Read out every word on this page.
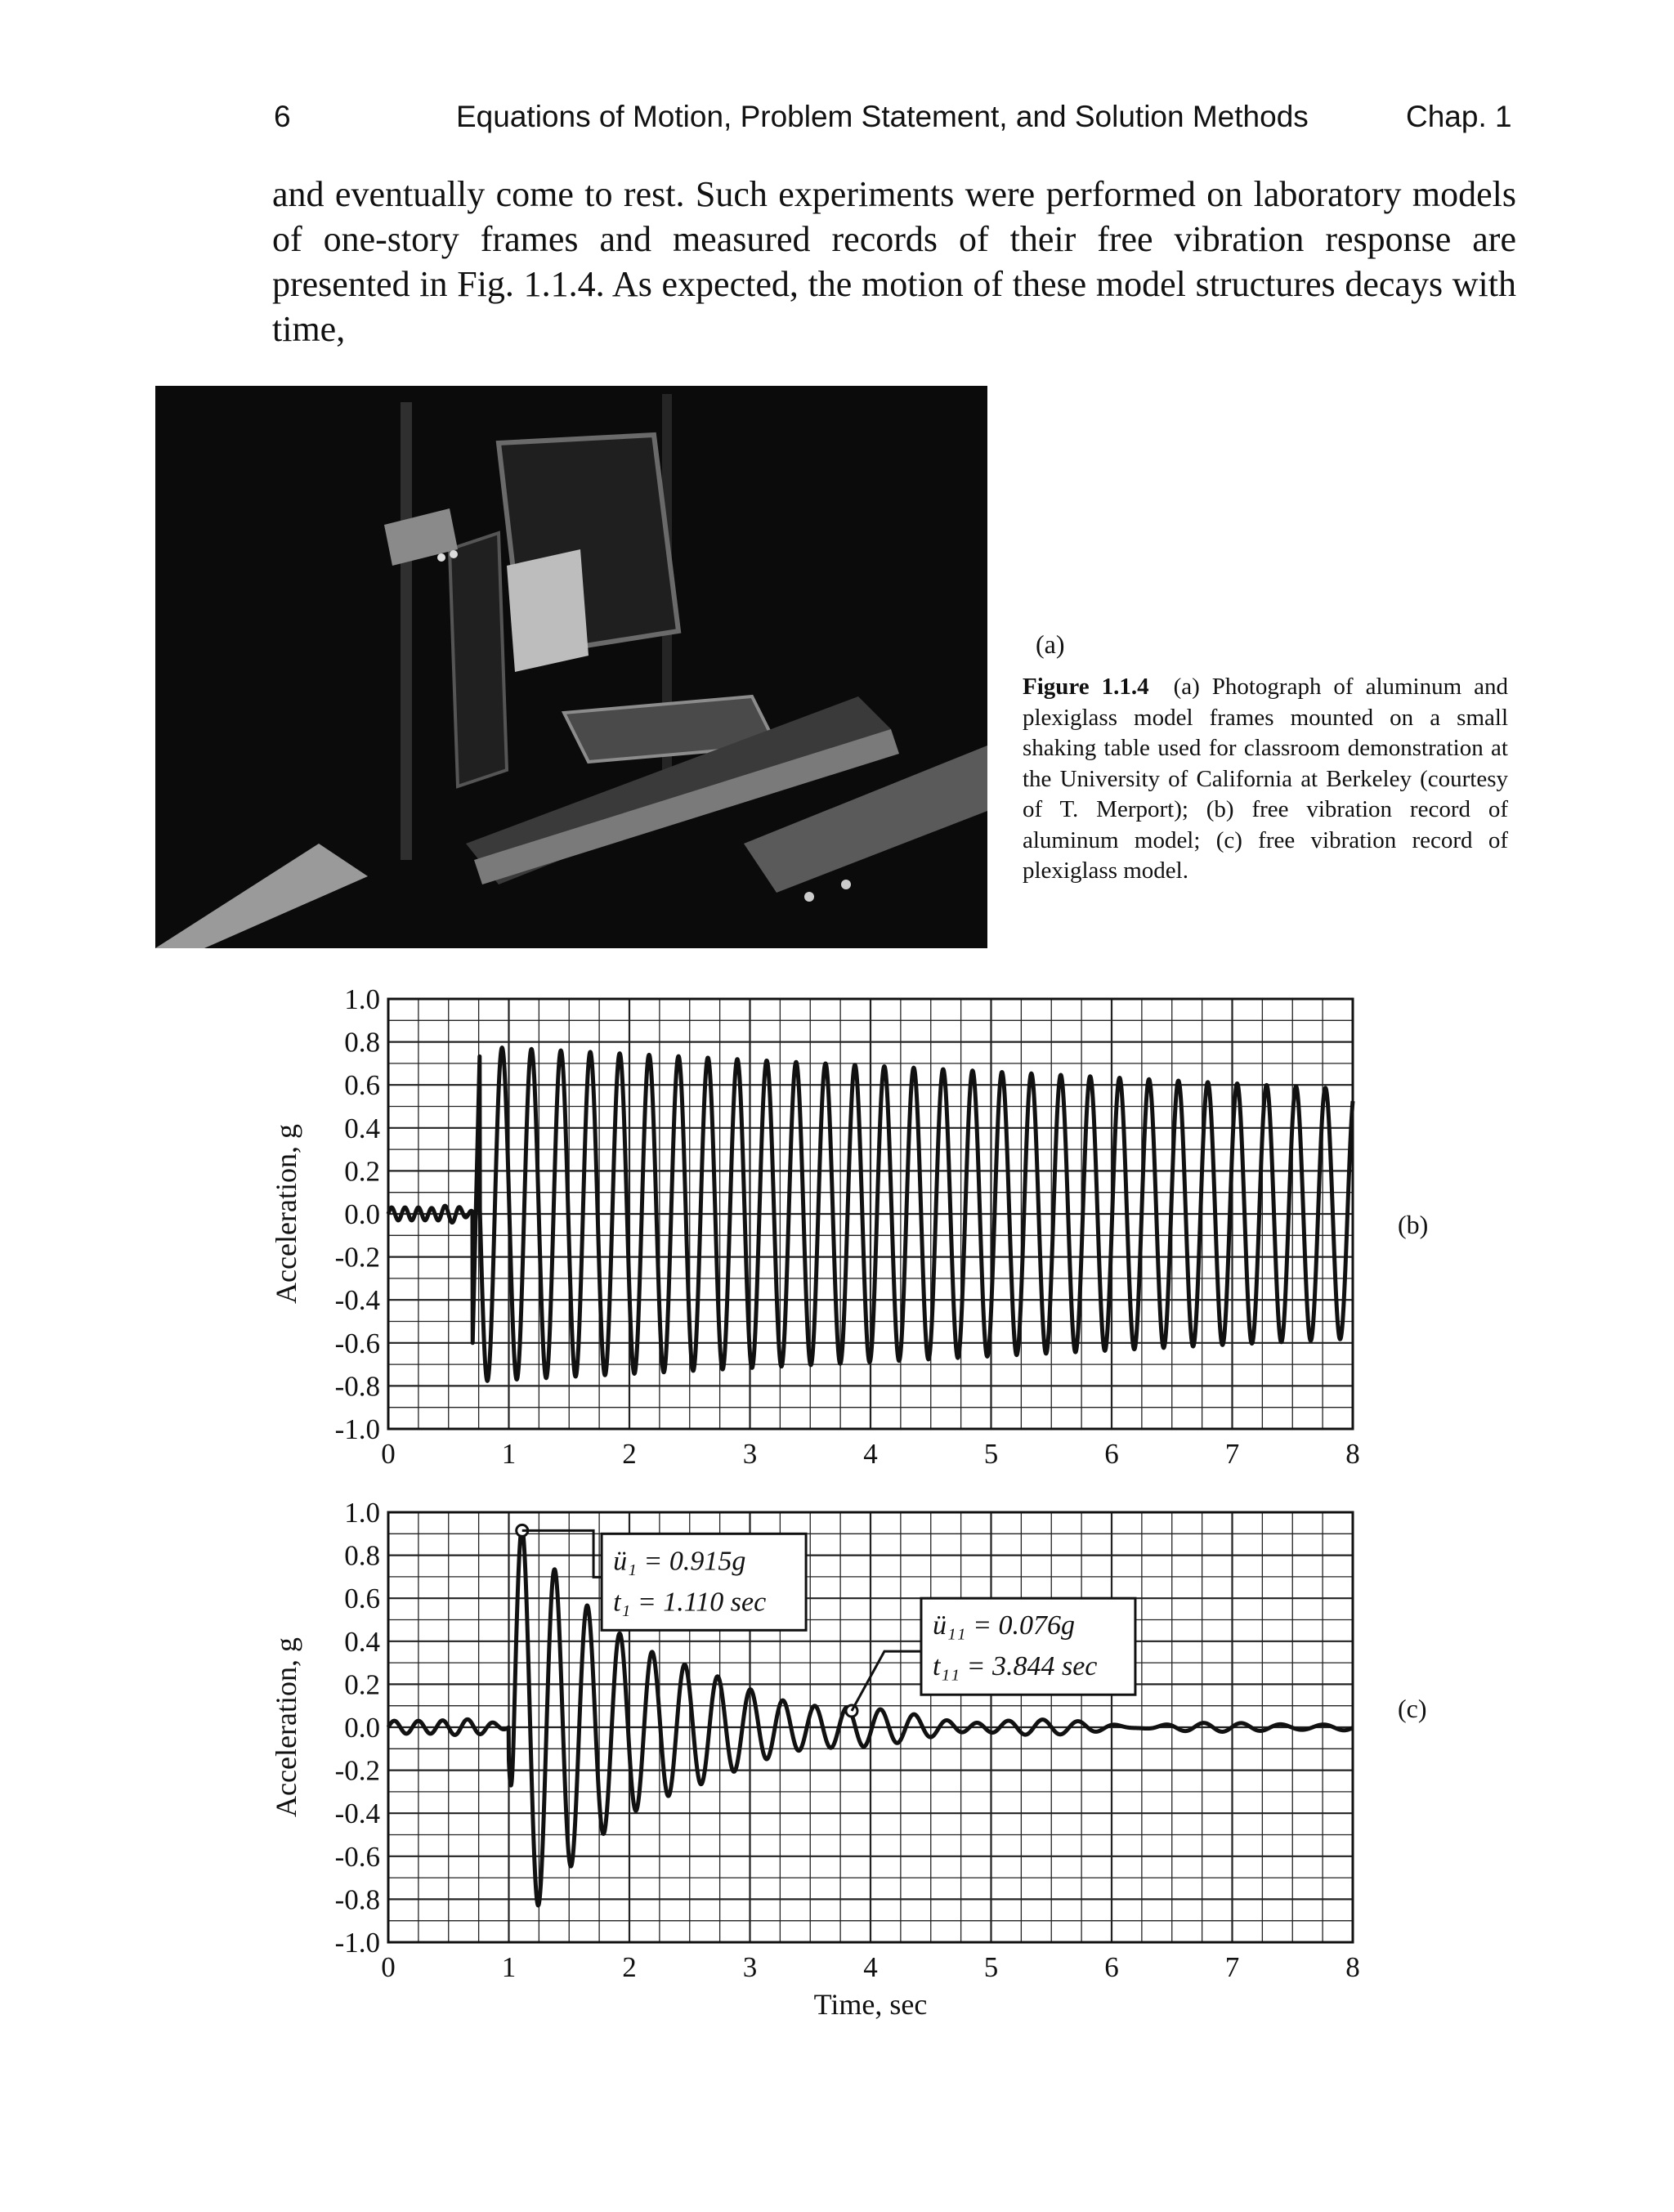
6	Equations of Motion, Problem Statement, and Solution Methods	Chap. 1
and eventually come to rest. Such experiments were performed on laboratory models of one-story frames and measured records of their free vibration response are presented in Fig. 1.1.4. As expected, the motion of these model structures decays with time,
(a)
Figure 1.1.4 (a) Photograph of aluminum and plexiglass model frames mounted on a small shaking table used for classroom demonstration at the University of California at Berkeley (courtesy of T. Merport); (b) free vibration record of aluminum model; (c) free vibration record of plexiglass model.
1.0
0.8
0.6
0.4
0.2
0.0
-0.2
-0.4
-0.6
-0.8
-1.0
0	1	2	3	4	5	6	7	8
Acceleration, g	(b)
1.0
0.8
0.6
0.4
0.2
0.0
-0.2
-0.4
-0.6
-0.8
-1.0
0	1	2	3	4	5	6	7	8
Acceleration, g
Time, sec
ü₁ = 0.915g
t₁ = 1.110 sec
ü₁₁ = 0.076g
t₁₁ = 3.844 sec
(c)
